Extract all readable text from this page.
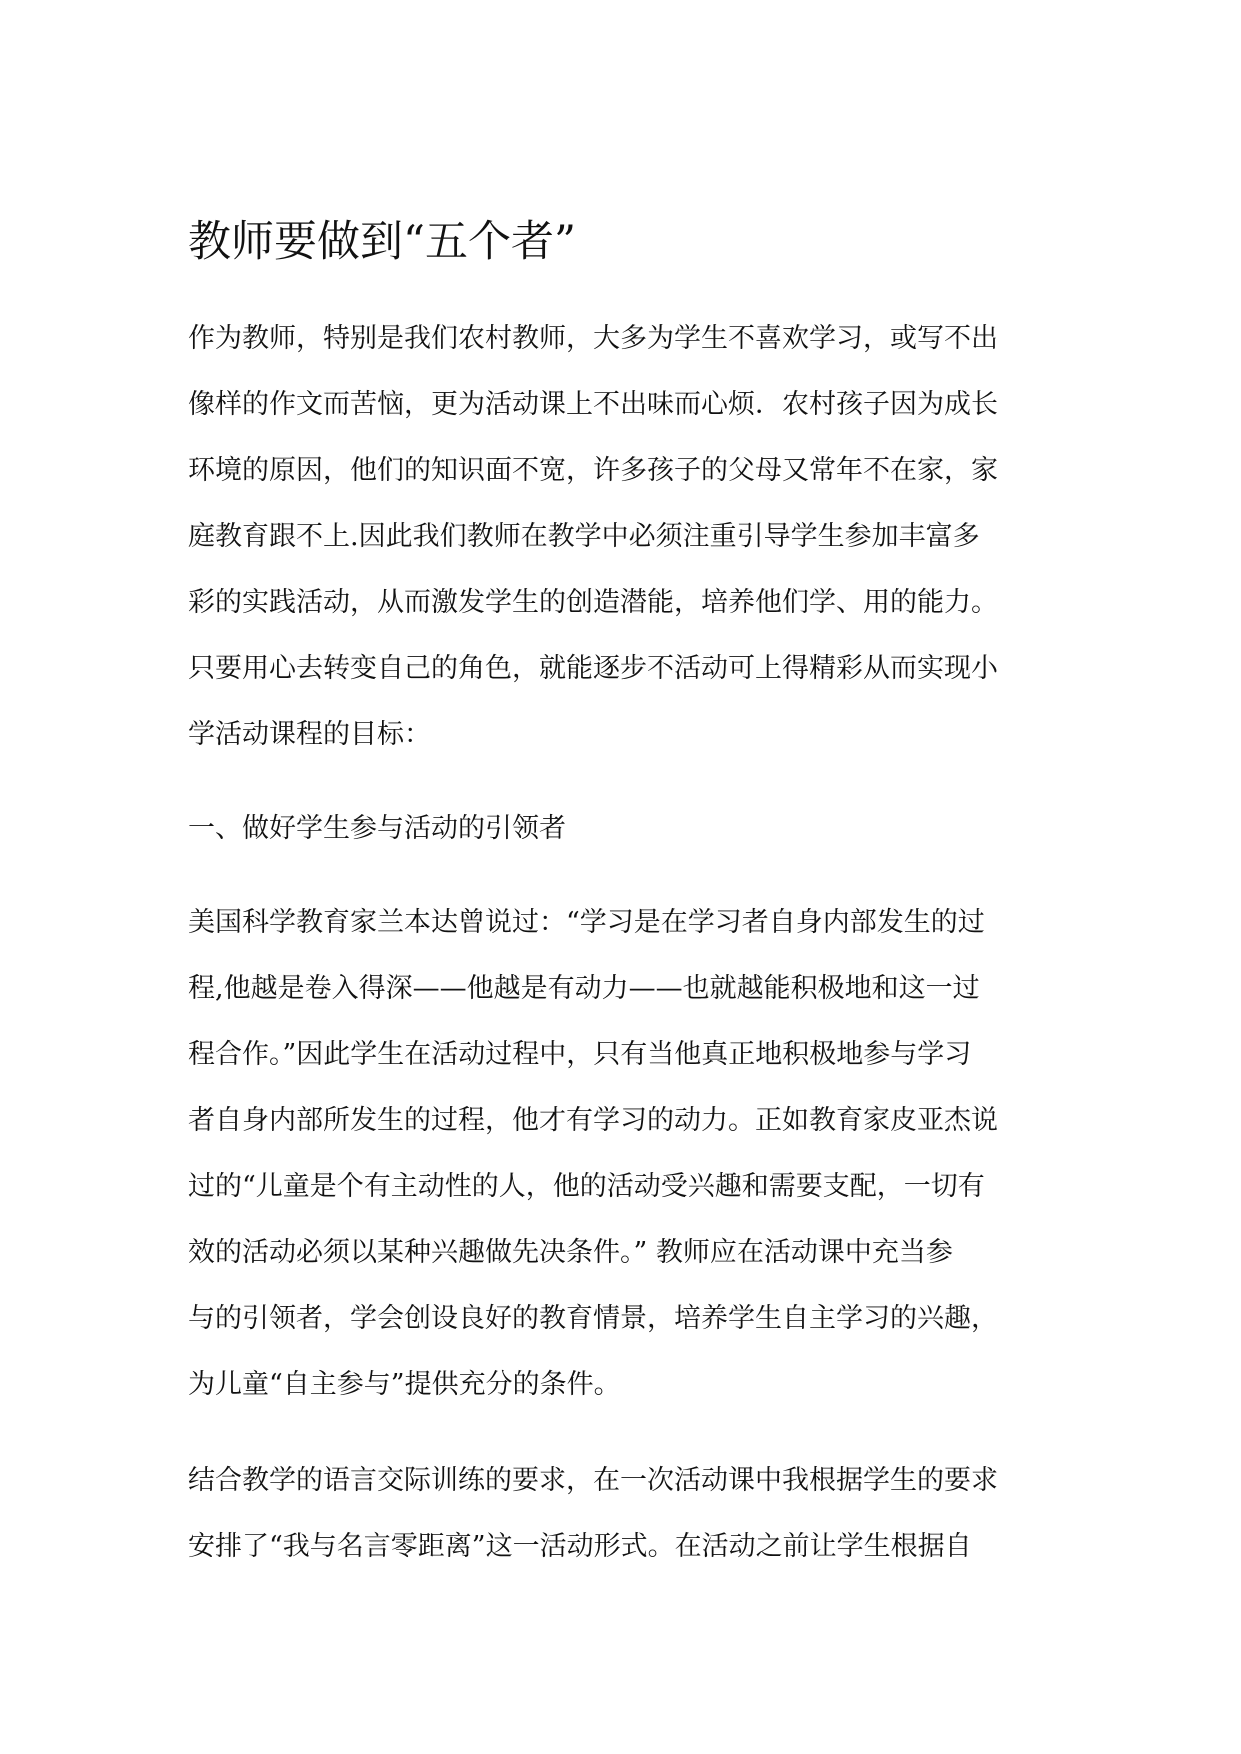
教师要做到“五个者”

作为教师，特别是我们农村教师，大多为学生不喜欢学习，或写不出
像样的作文而苦恼，更为活动课上不出味而心烦．农村孩子因为成长
环境的原因，他们的知识面不宽，许多孩子的父母又常年不在家，家
庭教育跟不上.因此我们教师在教学中必须注重引导学生参加丰富多
彩的实践活动，从而激发学生的创造潜能，培养他们学、用的能力。
只要用心去转变自己的角色，就能逐步不活动可上得精彩从而实现小
学活动课程的目标：

一、做好学生参与活动的引领者

美国科学教育家兰本达曾说过：“学习是在学习者自身内部发生的过
程,他越是卷入得深——他越是有动力——也就越能积极地和这一过
程合作。”因此学生在活动过程中，只有当他真正地积极地参与学习
者自身内部所发生的过程，他才有学习的动力。正如教育家皮亚杰说
过的“儿童是个有主动性的人，他的活动受兴趣和需要支配，一切有
效的活动必须以某种兴趣做先决条件。” 教师应在活动课中充当参
与的引领者，学会创设良好的教育情景，培养学生自主学习的兴趣，
为儿童“自主参与”提供充分的条件。

结合教学的语言交际训练的要求，在一次活动课中我根据学生的要求
安排了“我与名言零距离”这一活动形式。在活动之前让学生根据自
